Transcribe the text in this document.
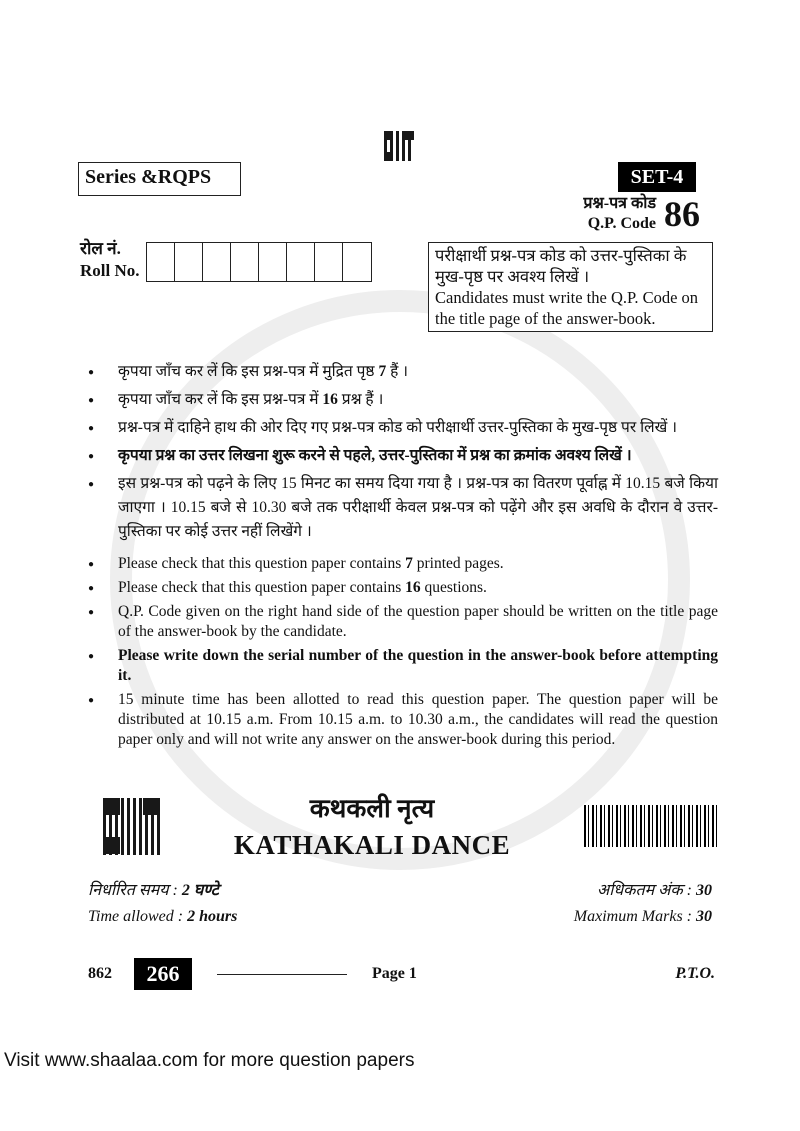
Series &RQPS	SET-4
प्रश्न-पत्र कोड
Q.P. Code 86
रोल नं.
Roll No.
परीक्षार्थी प्रश्न-पत्र कोड को उत्तर-पुस्तिका के मुख-पृष्ठ पर अवश्य लिखें ।
Candidates must write the Q.P. Code on the title page of the answer-book.
● कृपया जाँच कर लें कि इस प्रश्न-पत्र में मुद्रित पृष्ठ 7 हैं ।
● कृपया जाँच कर लें कि इस प्रश्न-पत्र में 16 प्रश्न हैं ।
● प्रश्न-पत्र में दाहिने हाथ की ओर दिए गए प्रश्न-पत्र कोड को परीक्षार्थी उत्तर-पुस्तिका के मुख-पृष्ठ पर लिखें ।
● कृपया प्रश्न का उत्तर लिखना शुरू करने से पहले, उत्तर-पुस्तिका में प्रश्न का क्रमांक अवश्य लिखें ।
● इस प्रश्न-पत्र को पढ़ने के लिए 15 मिनट का समय दिया गया है । प्रश्न-पत्र का वितरण पूर्वाह्न में 10.15 बजे किया जाएगा । 10.15 बजे से 10.30 बजे तक परीक्षार्थी केवल प्रश्न-पत्र को पढ़ेंगे और इस अवधि के दौरान वे उत्तर-पुस्तिका पर कोई उत्तर नहीं लिखेंगे ।
● Please check that this question paper contains 7 printed pages.
● Please check that this question paper contains 16 questions.
● Q.P. Code given on the right hand side of the question paper should be written on the title page of the answer-book by the candidate.
● Please write down the serial number of the question in the answer-book before attempting it.
● 15 minute time has been allotted to read this question paper. The question paper will be distributed at 10.15 a.m. From 10.15 a.m. to 10.30 a.m., the candidates will read the question paper only and will not write any answer on the answer-book during this period.
कथकली नृत्य
KATHAKALI DANCE
निर्धारित समय : 2 घण्टे
Time allowed : 2 hours
अधिकतम अंक : 30
Maximum Marks : 30
862	266	Page 1	P.T.O.
Visit www.shaalaa.com for more question papers
